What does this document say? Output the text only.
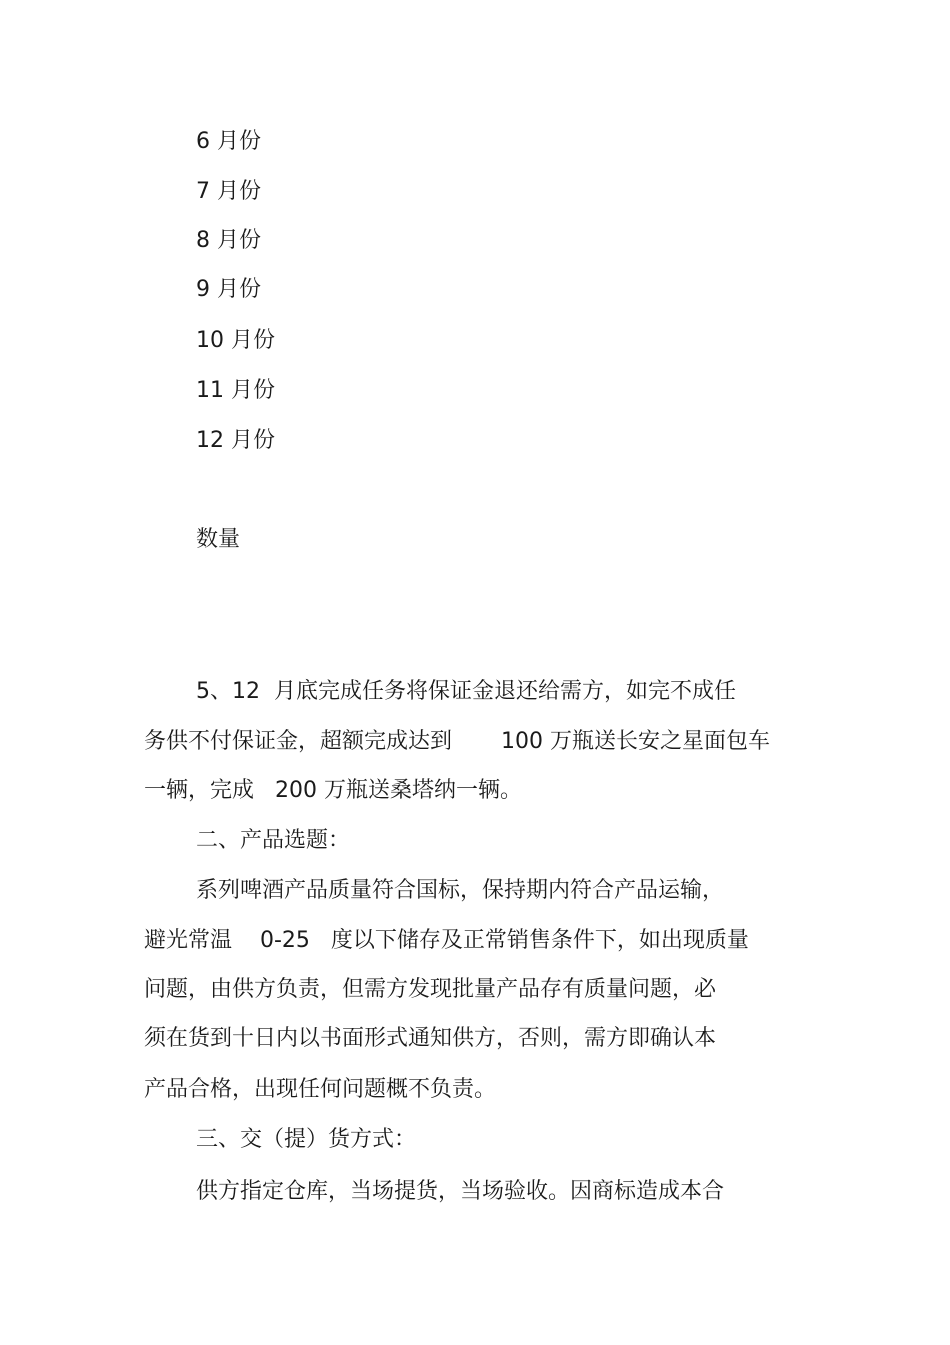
6 月份

7 月份

8 月份

9 月份

10 月份

11 月份

12 月份

数量

5、12  月底完成任务将保证金退还给需方，如完不成任

务供不付保证金，超额完成达到       100 万瓶送长安之星面包车

一辆，完成   200 万瓶送桑塔纳一辆。

二、产品选题：

系列啤酒产品质量符合国标，保持期内符合产品运输，

避光常温    0-25   度以下储存及正常销售条件下，如出现质量

问题，由供方负责，但需方发现批量产品存有质量问题，必

须在货到十日内以书面形式通知供方，否则，需方即确认本

产品合格，出现任何问题概不负责。

三、交（提）货方式：

供方指定仓库，当场提货，当场验收。因商标造成本合
